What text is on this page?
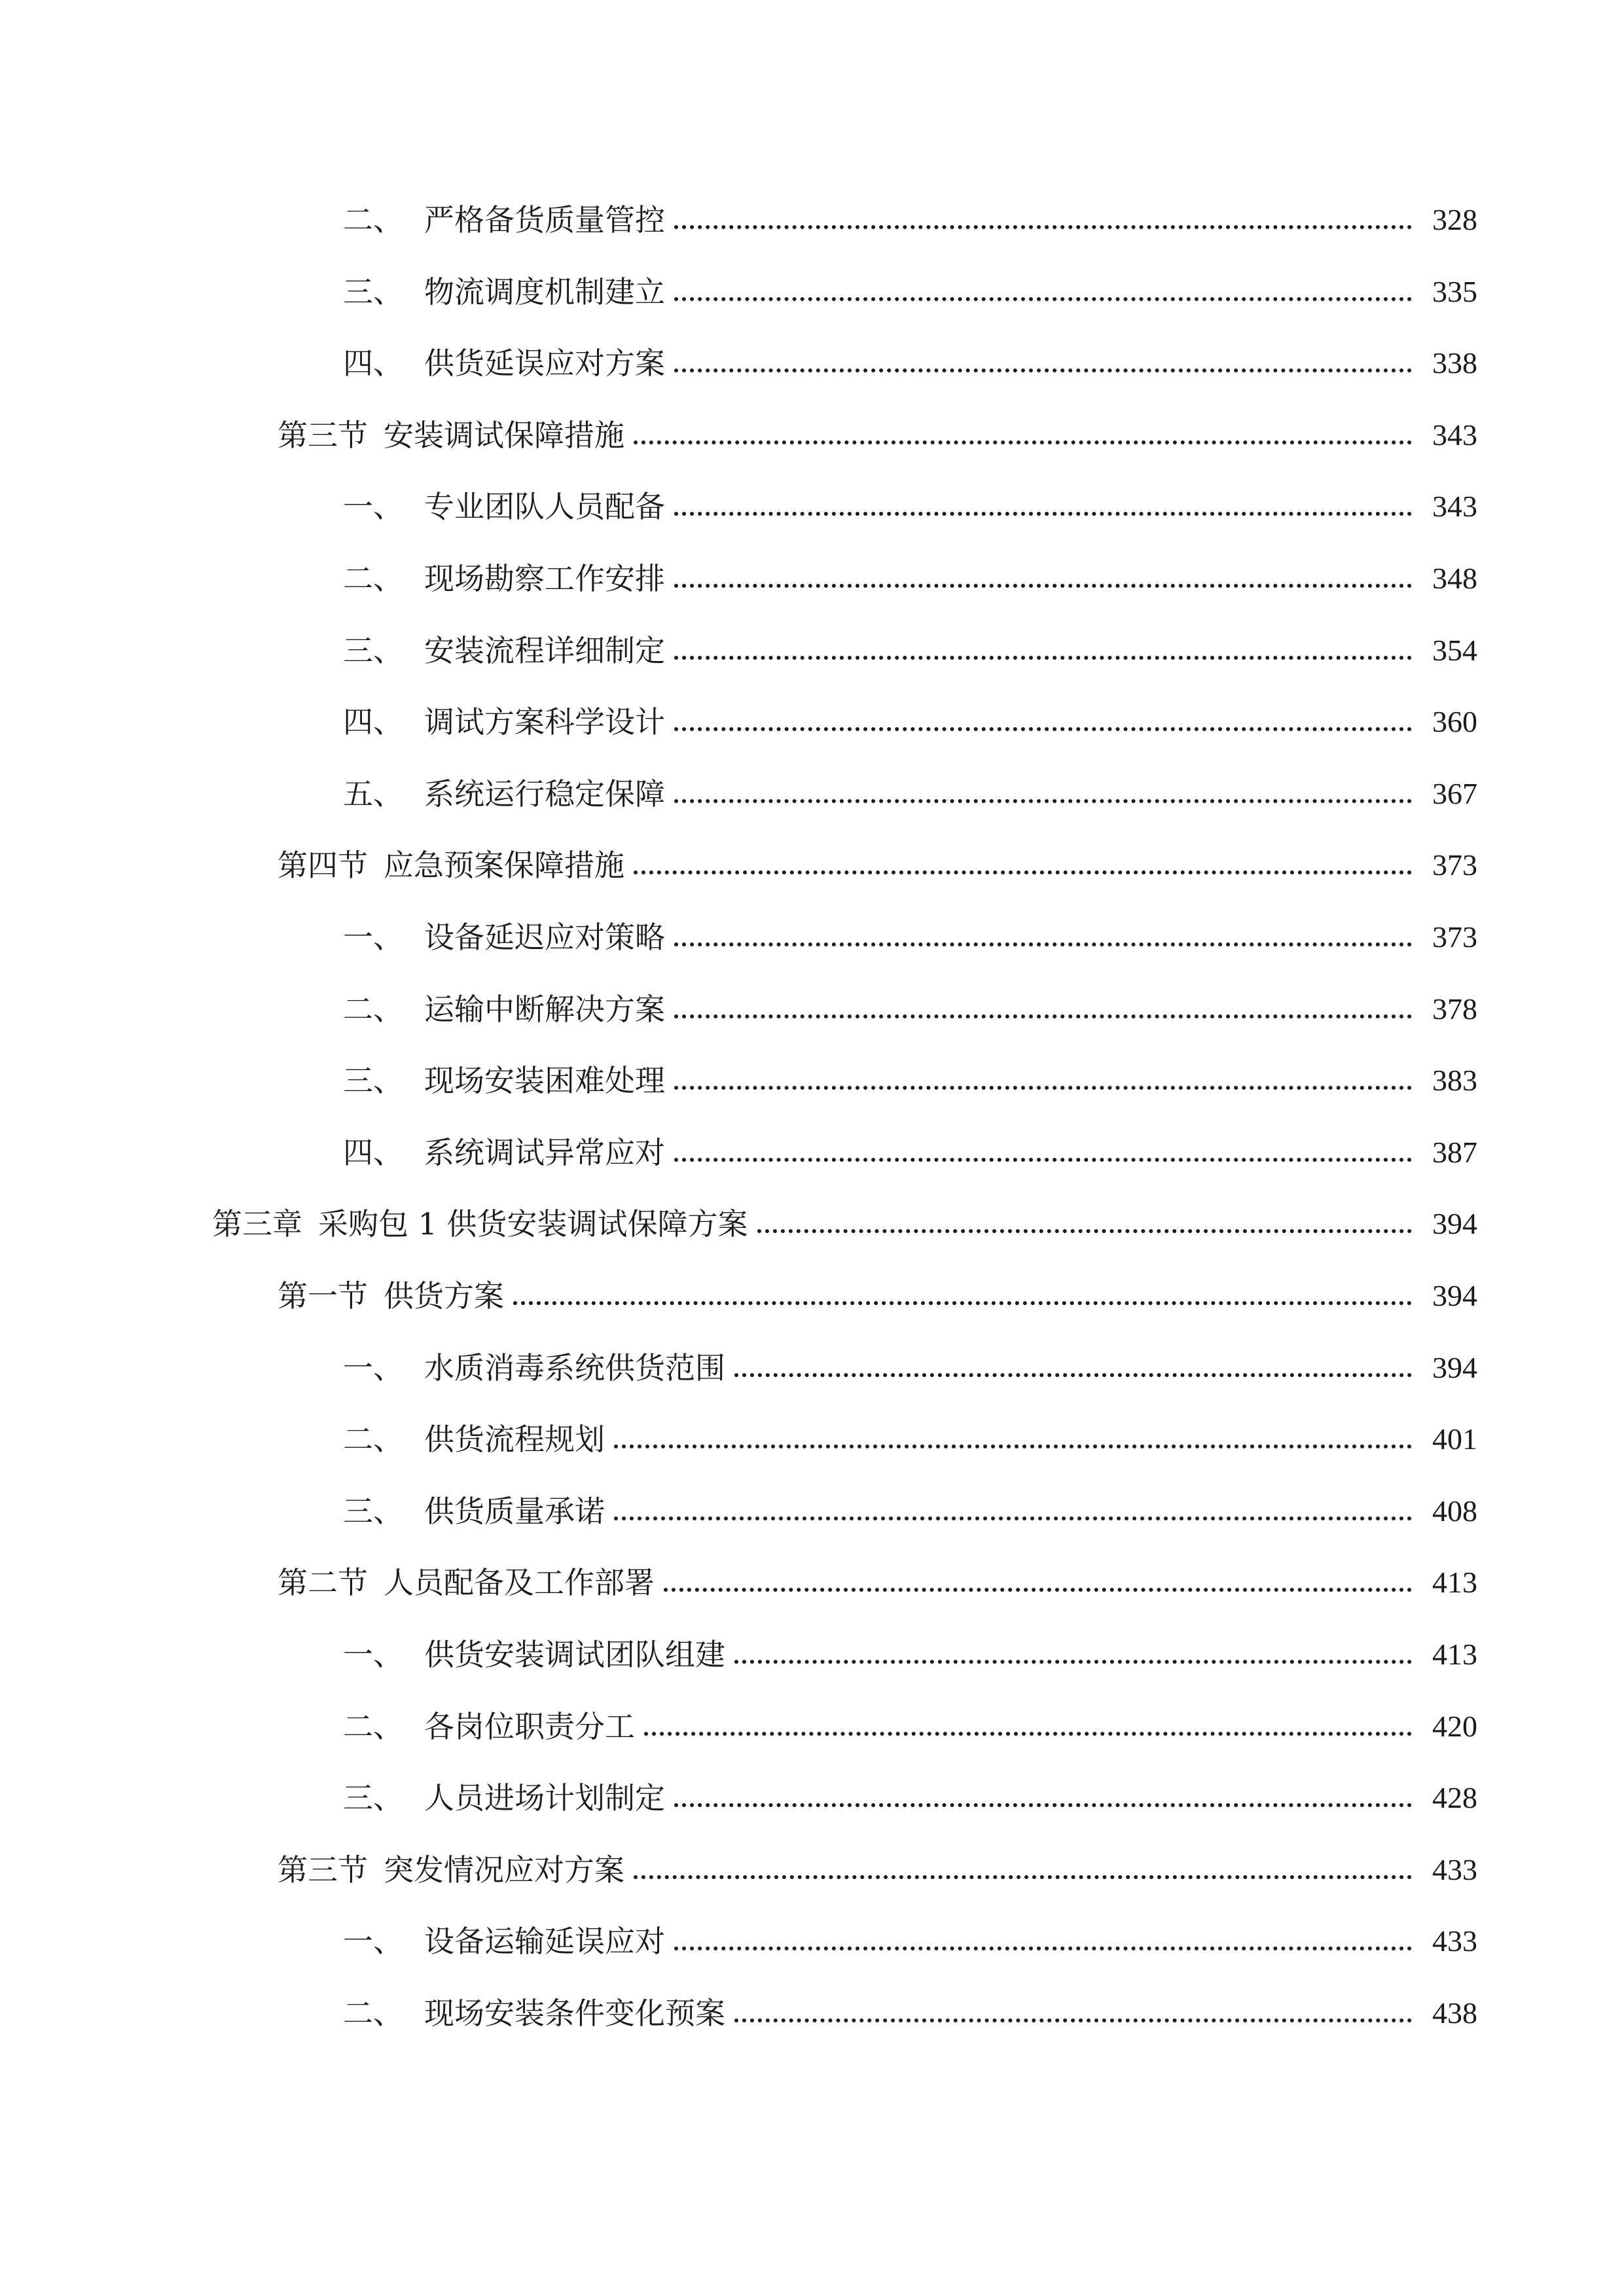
二、 严格备货质量管控	328
三、 物流调度机制建立	335
四、 供货延误应对方案	338
第三节 安装调试保障措施	343
一、 专业团队人员配备	343
二、 现场勘察工作安排	348
三、 安装流程详细制定	354
四、 调试方案科学设计	360
五、 系统运行稳定保障	367
第四节 应急预案保障措施	373
一、 设备延迟应对策略	373
二、 运输中断解决方案	378
三、 现场安装困难处理	383
四、 系统调试异常应对	387
第三章 采购包 1 供货安装调试保障方案	394
第一节 供货方案	394
一、 水质消毒系统供货范围	394
二、 供货流程规划	401
三、 供货质量承诺	408
第二节 人员配备及工作部署	413
一、 供货安装调试团队组建	413
二、 各岗位职责分工	420
三、 人员进场计划制定	428
第三节 突发情况应对方案	433
一、 设备运输延误应对	433
二、 现场安装条件变化预案	438
